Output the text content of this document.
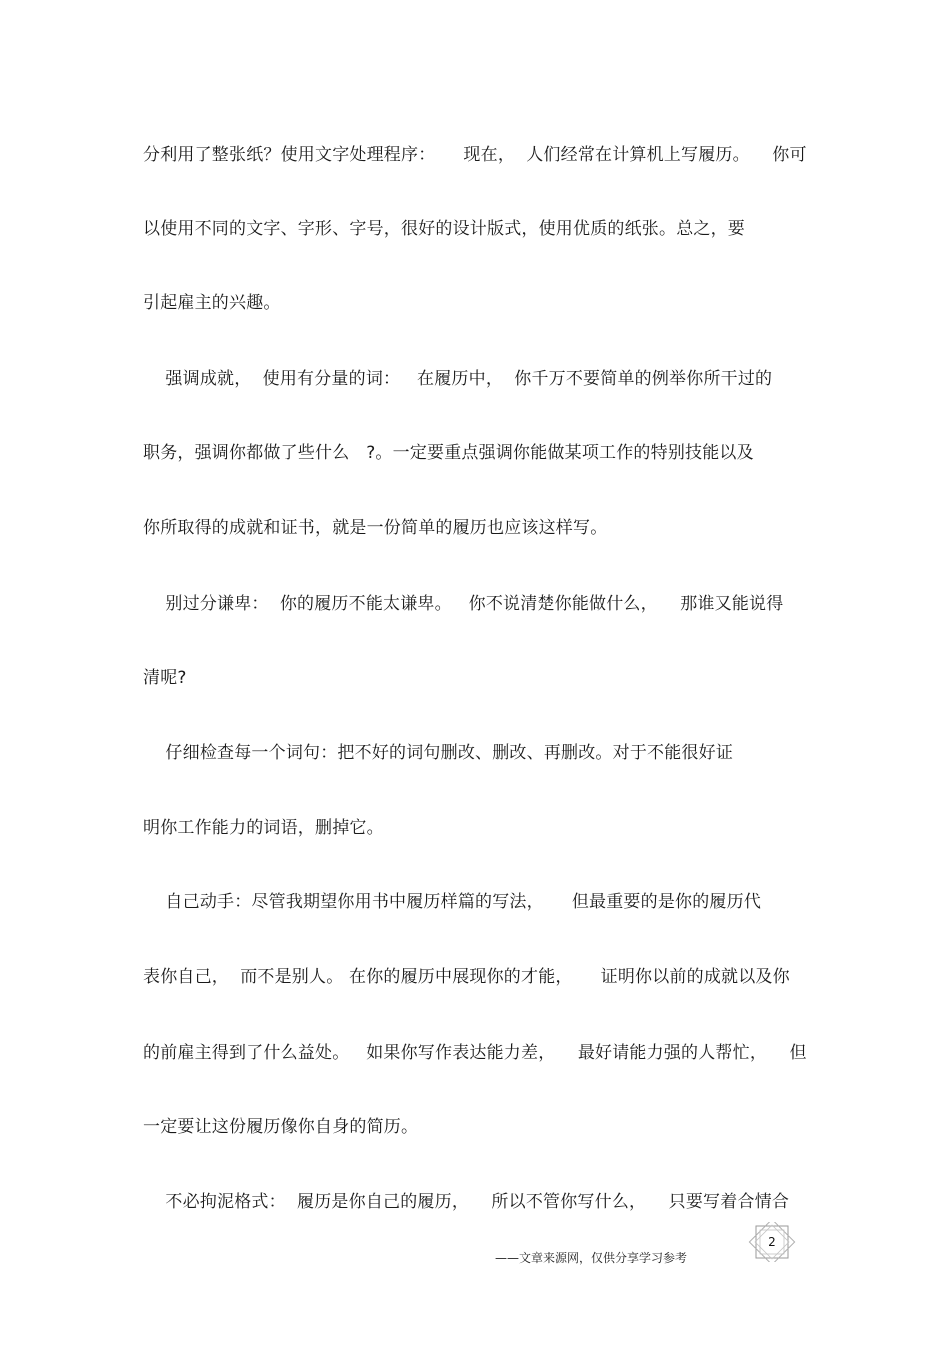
分利用了整张纸？使用文字处理程序：     现在，  人们经常在计算机上写履历。    你可
以使用不同的文字、字形、字号，很好的设计版式，使用优质的纸张。总之，要
引起雇主的兴趣。
强调成就，  使用有分量的词：   在履历中，  你千万不要简单的例举你所干过的
职务，强调你都做了些什么   ?。一定要重点强调你能做某项工作的特别技能以及
你所取得的成就和证书，就是一份简单的履历也应该这样写。
别过分谦卑：  你的履历不能太谦卑。   你不说清楚你能做什么，    那谁又能说得
清呢?
仔细检查每一个词句：把不好的词句删改、删改、再删改。对于不能很好证
明你工作能力的词语，删掉它。
自己动手：尽管我期望你用书中履历样篇的写法，     但最重要的是你的履历代
表你自己，  而不是别人。 在你的履历中展现你的才能，     证明你以前的成就以及你
的前雇主得到了什么益处。   如果你写作表达能力差，    最好请能力强的人帮忙，    但
一定要让这份履历像你自身的简历。
不必拘泥格式：  履历是你自己的履历，    所以不管你写什么，    只要写着合情合
——文章来源网，仅供分享学习参考
2
